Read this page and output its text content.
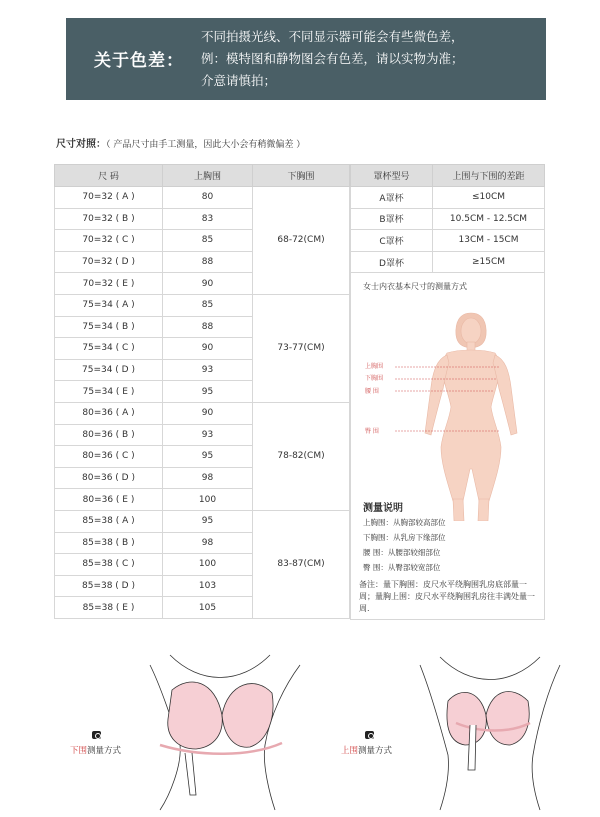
关于色差：
不同拍摄光线、不同显示器可能会有些微色差，
例：模特图和静物图会有色差，请以实物为准；
介意请慎拍；
尺寸对照：（ 产品尺寸由手工测量，因此大小会有稍微偏差 ）
尺 码	上胸围	下胸围
70=32 ( A )	80	68-72(CM)
70=32 ( B )	83	
70=32 ( C )	85	
70=32 ( D )	88	
70=32 ( E )	90	
75=34 ( A )	85	73-77(CM)
75=34 ( B )	88	
75=34 ( C )	90	
75=34 ( D )	93	
75=34 ( E )	95	
80=36 ( A )	90	78-82(CM)
80=36 ( B )	93	
80=36 ( C )	95	
80=36 ( D )	98	
80=36 ( E )	100	
85=38 ( A )	95	83-87(CM)
85=38 ( B )	98	
85=38 ( C )	100	
85=38 ( D )	103	
85=38 ( E )	105	
罩杯型号	上围与下围的差距
A罩杯	≤10CM
B罩杯	10.5CM - 12.5CM
C罩杯	13CM - 15CM
D罩杯	≥15CM
女士内衣基本尺寸的测量方式
上胸围
下胸围
腰 围
臀 围
测量说明
上胸围：从胸部较高部位
下胸围：从乳房下缘部位
腰 围：从腰部较细部位
臀 围：从臀部较宽部位
备注：量下胸围：皮尺水平绕胸围乳房底部量一周；量胸上围：皮尺水平绕胸围乳房往丰满处量一周.
下围测量方式	上围测量方式
